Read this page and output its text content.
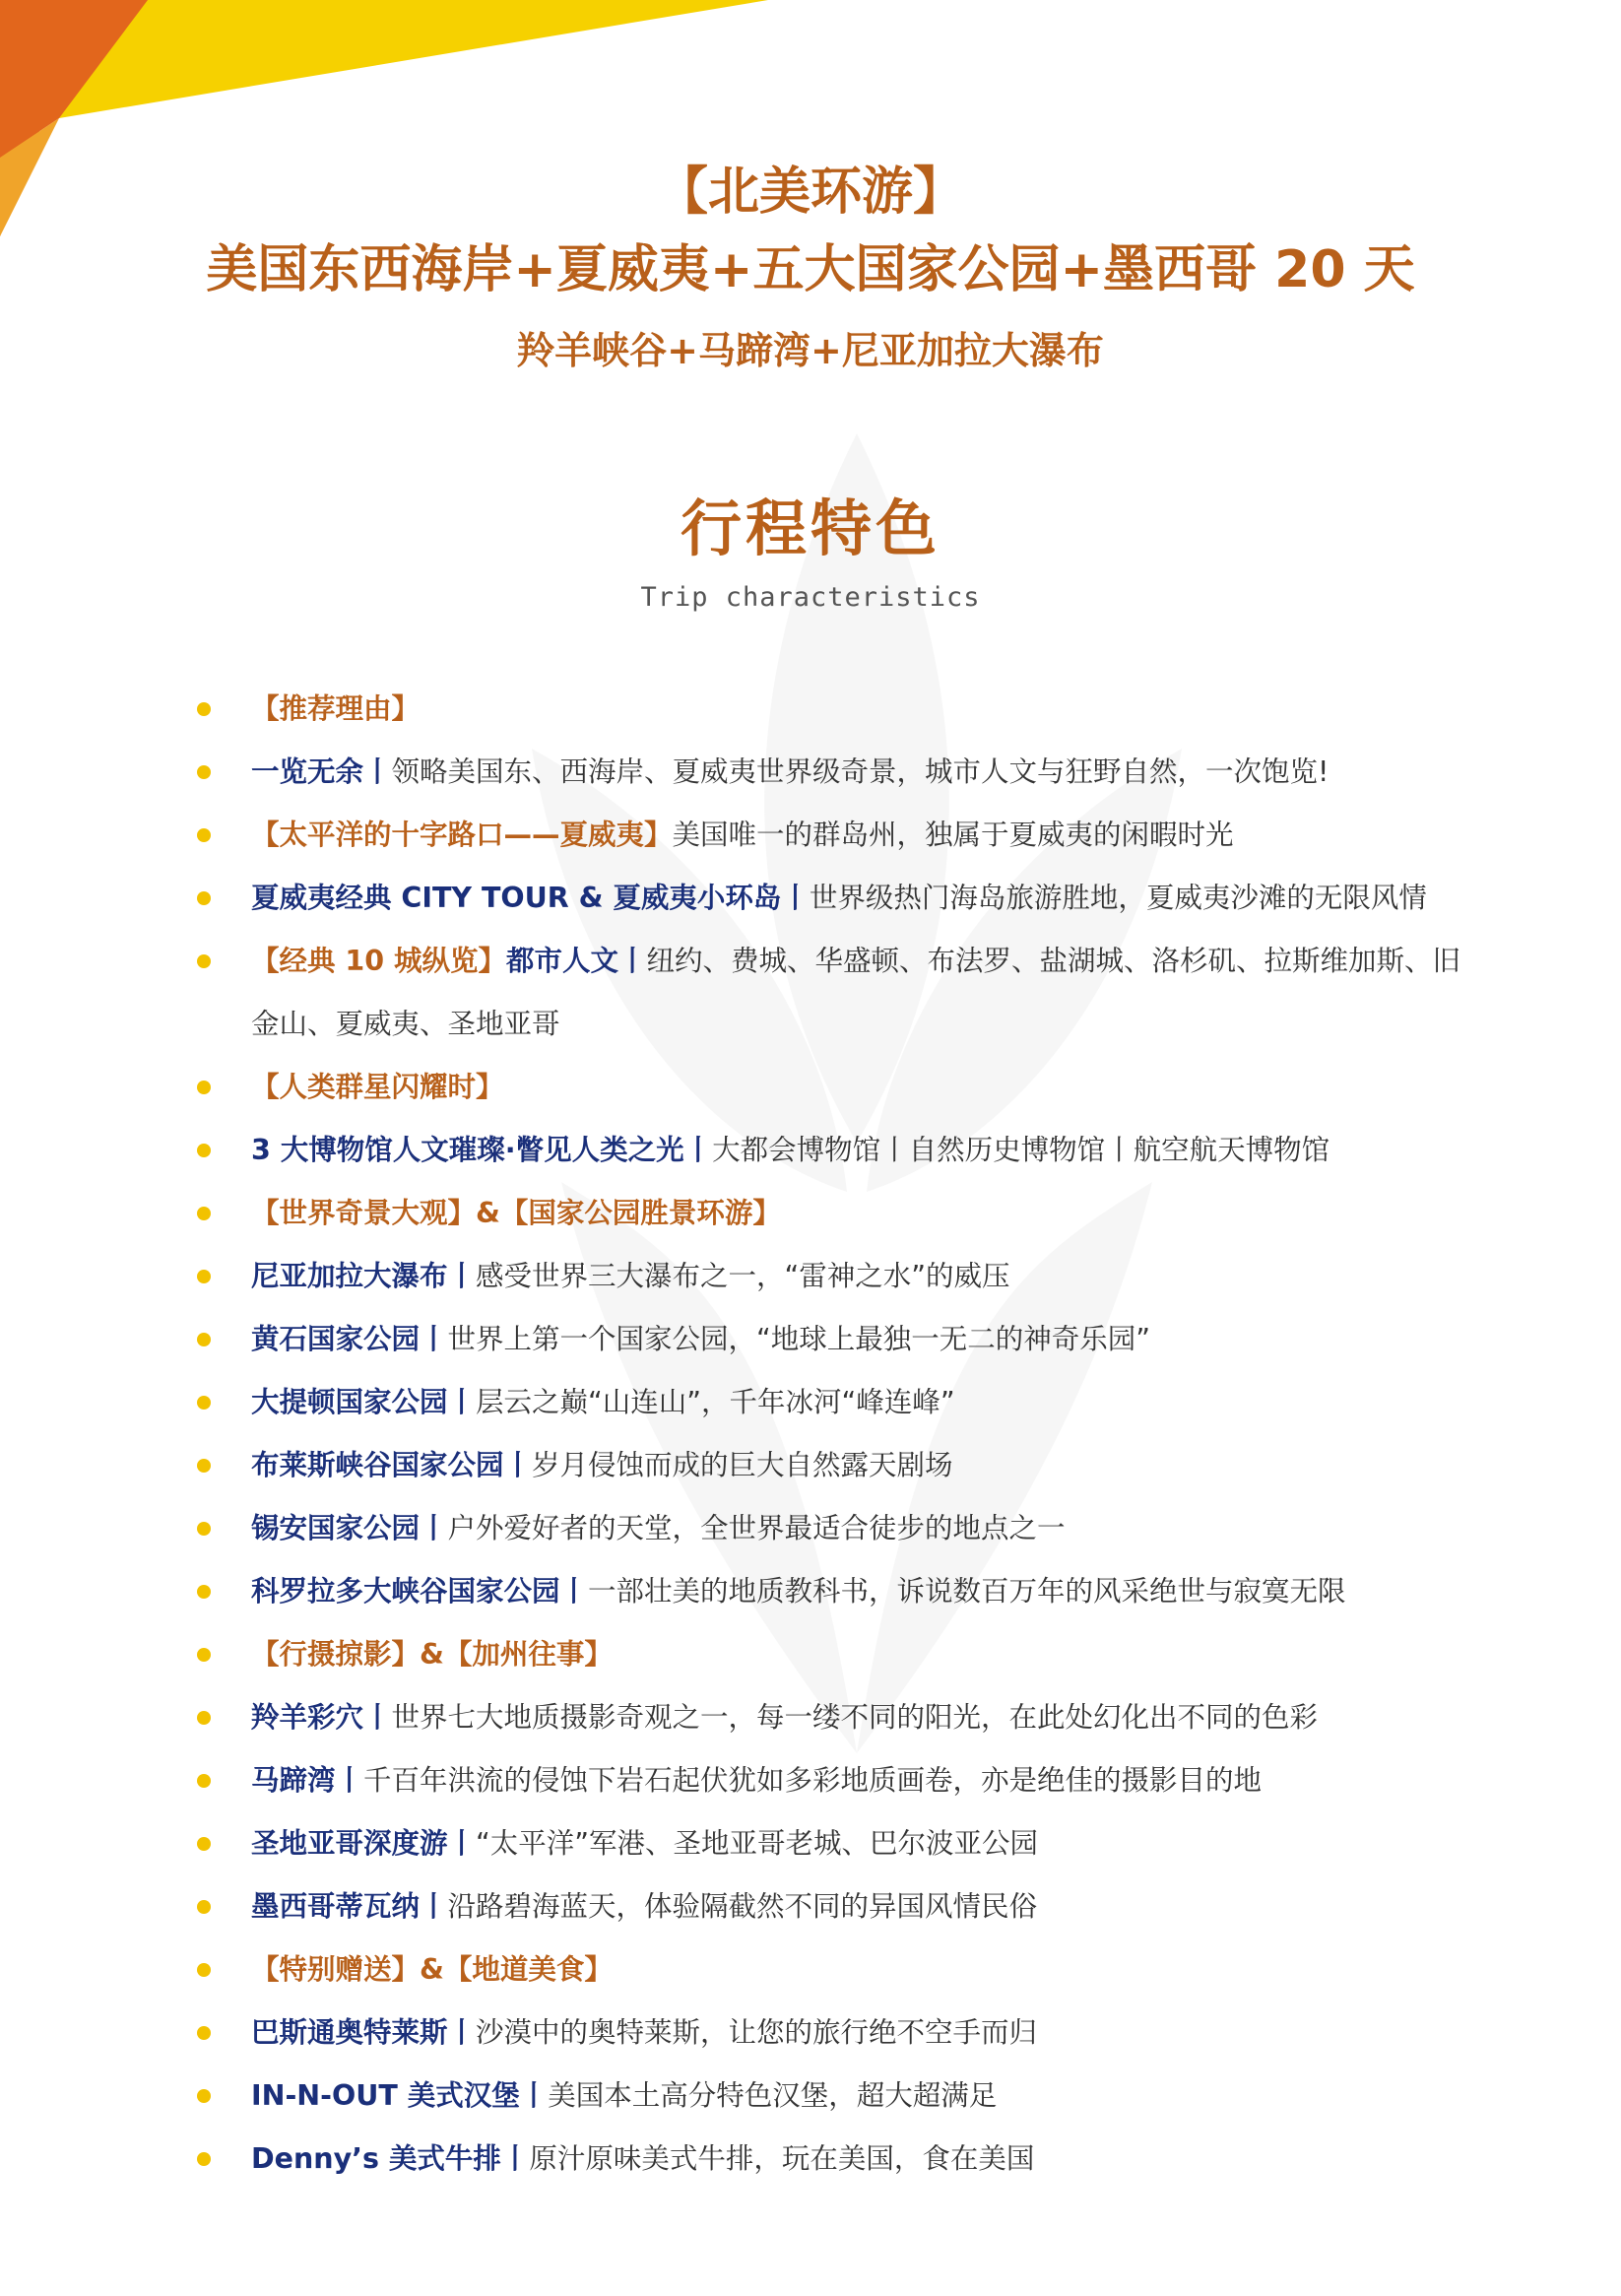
【北美环游】
美国东西海岸+夏威夷+五大国家公园+墨西哥 20 天
羚羊峡谷+马蹄湾+尼亚加拉大瀑布
行程特色
Trip characteristics
【推荐理由】
一览无余丨领略美国东、西海岸、夏威夷世界级奇景，城市人文与狂野自然，一次饱览!
【太平洋的十字路口——夏威夷】美国唯一的群岛州，独属于夏威夷的闲暇时光
夏威夷经典 CITY TOUR & 夏威夷小环岛丨世界级热门海岛旅游胜地，夏威夷沙滩的无限风情
【经典 10 城纵览】都市人文丨纽约、费城、华盛顿、布法罗、盐湖城、洛杉矶、拉斯维加斯、旧金山、夏威夷、圣地亚哥
【人类群星闪耀时】
3 大博物馆人文璀璨·瞥见人类之光丨大都会博物馆丨自然历史博物馆丨航空航天博物馆
【世界奇景大观】&【国家公园胜景环游】
尼亚加拉大瀑布丨感受世界三大瀑布之一，“雷神之水”的威压
黄石国家公园丨世界上第一个国家公园，“地球上最独一无二的神奇乐园”
大提顿国家公园丨层云之巅“山连山”，千年冰河“峰连峰”
布莱斯峡谷国家公园丨岁月侵蚀而成的巨大自然露天剧场
锡安国家公园丨户外爱好者的天堂，全世界最适合徒步的地点之一
科罗拉多大峡谷国家公园丨一部壮美的地质教科书，诉说数百万年的风采绝世与寂寞无限
【行摄掠影】&【加州往事】
羚羊彩穴丨世界七大地质摄影奇观之一，每一缕不同的阳光，在此处幻化出不同的色彩
马蹄湾丨千百年洪流的侵蚀下岩石起伏犹如多彩地质画卷，亦是绝佳的摄影目的地
圣地亚哥深度游丨“太平洋”军港、圣地亚哥老城、巴尔波亚公园
墨西哥蒂瓦纳丨沿路碧海蓝天，体验隔截然不同的异国风情民俗
【特别赠送】&【地道美食】
巴斯通奥特莱斯丨沙漠中的奥特莱斯，让您的旅行绝不空手而归
IN-N-OUT 美式汉堡丨美国本土高分特色汉堡，超大超满足
Denny’s 美式牛排丨原汁原味美式牛排，玩在美国，食在美国
